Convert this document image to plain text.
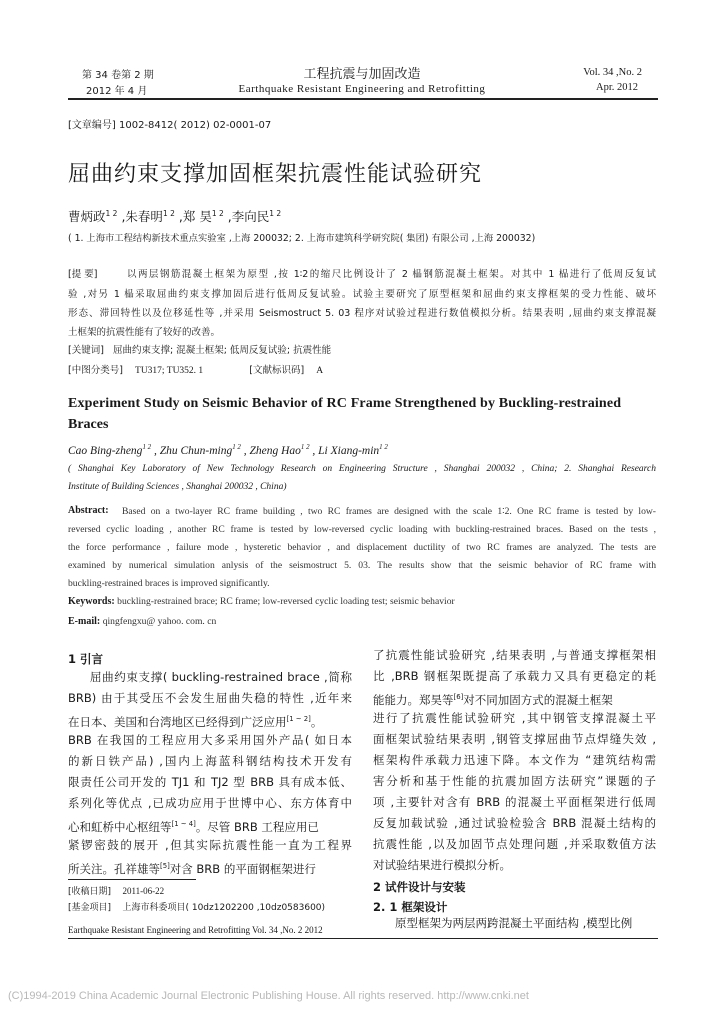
第 34 卷第 2 期
2012 年 4 月
工程抗震与加固改造
Earthquake Resistant Engineering and Retrofitting
Vol. 34 ,No. 2
Apr. 2012
[文章编号] 1002-8412( 2012) 02-0001-07
屈曲约束支撑加固框架抗震性能试验研究
曹炳政$^{1 2}$ ,朱春明$^{1 2}$ ,郑 昊$^{1 2}$ ,李向民$^{1 2}$
( 1. 上海市工程结构新技术重点实验室 ,上海 200032; 2. 上海市建筑科学研究院( 集团) 有限公司 ,上海 200032)
[提 要]	以两层钢筋混凝土框架为原型 ,按 1∶2的缩尺比例设计了 2 榀钢筋混凝土框架。对其中 1 榀进行了低周反复试
验 ,对另 1 榀采取屈曲约束支撑加固后进行低周反复试验。试验主要研究了原型框架和屈曲约束支撑框架的受力性能、破坏
形态、滞回特性以及位移延性等 ,并采用 Seismostruct 5. 03 程序对试验过程进行数值模拟分析。结果表明 ,屈曲约束支撑混凝
土框架的抗震性能有了较好的改善。
[关键词] 屈曲约束支撑; 混凝土框架; 低周反复试验; 抗震性能
[中图分类号] TU317; TU352. 1	[文献标识码] A
Experiment Study on Seismic Behavior of RC Frame Strengthened by Buckling-restrained
Braces
Cao Bing-zheng$^{1 2}$ , Zhu Chun-ming$^{1 2}$ , Zheng Hao$^{1 2}$ , Li Xiang-$\min^{1 2}$
( Shanghai Key Laboratory of New Technology Research on Engineering Structure , Shanghai 200032 , China; 2. Shanghai Research
Institute of Building Sciences , Shanghai 200032 , China)
Abstract: Based on a two-layer RC frame building , two RC frames are designed with the scale 1∶2. One RC frame is tested by low-
reversed cyclic loading , another RC frame is tested by low-reversed cyclic loading with buckling-restrained braces. Based on the tests ,
the force performance , failure mode , hysteretic behavior , and displacement ductility of two RC frames are analyzed. The tests are
examined by numerical simulation anlysis of the seismostruct 5. 03. The results show that the seismic behavior of RC frame with
buckling-restrained braces is improved significantly.
Keywords: buckling-restrained brace; RC frame; low-reversed cyclic loading test; seismic behavior
E-mail: qingfengxu@ yahoo. com. cn
1 引言
屈曲约束支撑( buckling-restrained brace ,简称
BRB) 由于其受压不会发生屈曲失稳的特性 ,近年来
在日本、美国和台湾地区已经得到广泛应用[1 ~ 2]。
BRB 在我国的工程应用大多采用国外产品( 如日本
的新日铁产品) ,国内上海蓝科钢结构技术开发有
限责任公司开发的 TJ1 和 TJ2 型 BRB 具有成本低、
系列化等优点 ,已成功应用于世博中心、东方体育中
心和虹桥中心枢纽等[1 ~ 4]。尽管 BRB 工程应用已
紧锣密鼓的展开 ,但其实际抗震性能一直为工程界
所关注。孔祥雄等[5]对含 BRB 的平面钢框架进行
[收稿日期] 2011-06-22
[基金项目] 上海市科委项目( 10dz1202200 ,10dz0583600)
了抗震性能试验研究 ,结果表明 ,与普通支撑框架相
比 ,BRB 钢框架既提高了承载力又具有更稳定的耗
能能力。郑昊等[6]对不同加固方式的混凝土框架
进行了抗震性能试验研究 ,其中钢管支撑混凝土平
面框架试验结果表明 ,钢管支撑屈曲节点焊缝失效 ,
框架构件承载力迅速下降。本文作为 “建筑结构需
害分析和基于性能的抗震加固方法研究”课题的子
项 ,主要针对含有 BRB 的混凝土平面框架进行低周
反复加载试验 ,通过试验检验含 BRB 混凝土结构的
抗震性能 ,以及加固节点处理问题 ,并采取数值方法
对试验结果进行模拟分析。
2 试件设计与安装
2. 1 框架设计
原型框架为两层两跨混凝土平面结构 ,模型比例
Earthquake Resistant Engineering and Retrofitting Vol. 34 ,No. 2 2012
(C)1994-2019 China Academic Journal Electronic Publishing House. All rights reserved. http://www.cnki.net
